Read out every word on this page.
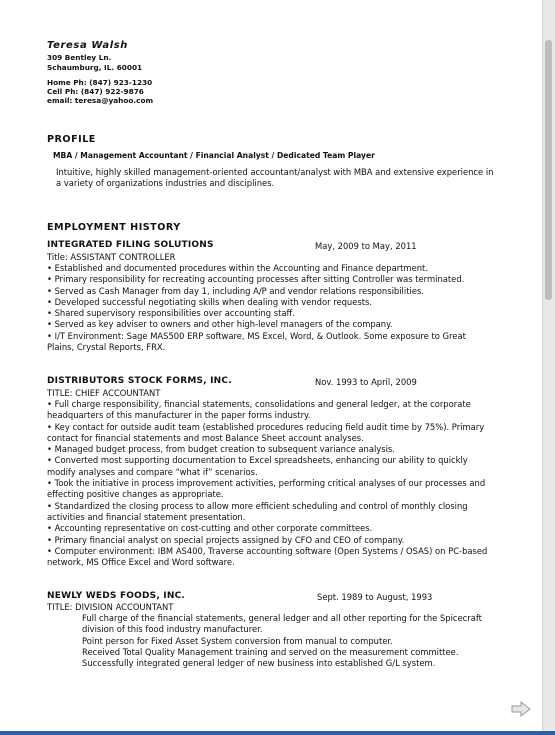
Teresa Walsh
309 Bentley Ln.
Schaumburg, IL. 60001
Home Ph: (847) 923-1230
Cell Ph: (847) 922-9876
email: teresa@yahoo.com
PROFILE
MBA / Management Accountant / Financial Analyst / Dedicated Team Player
Intuitive, highly skilled management-oriented accountant/analyst with MBA and extensive experience in
a variety of organizations industries and disciplines.
EMPLOYMENT HISTORY
INTEGRATED FILING SOLUTIONS	May, 2009 to May, 2011
Title: ASSISTANT CONTROLLER
• Established and documented procedures within the Accounting and Finance department.
• Primary responsibility for recreating accounting processes after sitting Controller was terminated.
• Served as Cash Manager from day 1, including A/P and vendor relations responsibilities.
• Developed successful negotiating skills when dealing with vendor requests.
• Shared supervisory responsibilities over accounting staff.
• Served as key adviser to owners and other high-level managers of the company.
• I/T Environment: Sage MAS500 ERP software, MS Excel, Word, & Outlook. Some exposure to Great
Plains, Crystal Reports, FRX.
DISTRIBUTORS STOCK FORMS, INC.	Nov. 1993 to April, 2009
TITLE: CHIEF ACCOUNTANT
• Full charge responsibility, financial statements, consolidations and general ledger, at the corporate
headquarters of this manufacturer in the paper forms industry.
• Key contact for outside audit team (established procedures reducing field audit time by 75%). Primary
contact for financial statements and most Balance Sheet account analyses.
• Managed budget process, from budget creation to subsequent variance analysis.
• Converted most supporting documentation to Excel spreadsheets, enhancing our ability to quickly
modify analyses and compare “what if” scenarios.
• Took the initiative in process improvement activities, performing critical analyses of our processes and
effecting positive changes as appropriate.
• Standardized the closing process to allow more efficient scheduling and control of monthly closing
activities and financial statement presentation.
• Accounting representative on cost-cutting and other corporate committees.
• Primary financial analyst on special projects assigned by CFO and CEO of company.
• Computer environment: IBM AS400, Traverse accounting software (Open Systems / OSAS) on PC-based
network, MS Office Excel and Word software.
NEWLY WEDS FOODS, INC.	Sept. 1989 to August, 1993
TITLE: DIVISION ACCOUNTANT
Full charge of the financial statements, general ledger and all other reporting for the Spicecraft
division of this food industry manufacturer.
Point person for Fixed Asset System conversion from manual to computer.
Received Total Quality Management training and served on the measurement committee.
Successfully integrated general ledger of new business into established G/L system.
